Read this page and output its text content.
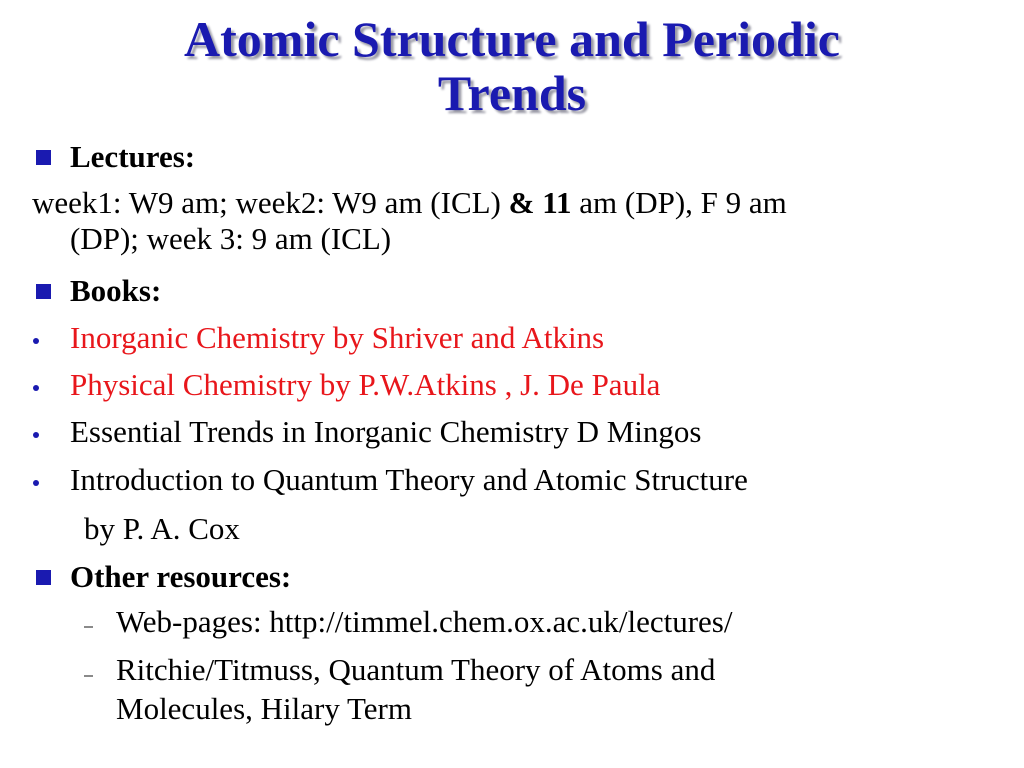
Atomic Structure and Periodic
Trends
Lectures:
week1: W9 am; week2: W9 am (ICL) & 11 am (DP), F 9 am
(DP); week 3: 9 am (ICL)
Books:
Inorganic Chemistry by Shriver and Atkins
Physical Chemistry by P.W.Atkins , J. De Paula
Essential Trends in Inorganic Chemistry D Mingos
Introduction to Quantum Theory and Atomic Structure
by P. A. Cox
Other resources:
Web-pages: http://timmel.chem.ox.ac.uk/lectures/
Ritchie/Titmuss, Quantum Theory of Atoms and
Molecules, Hilary Term
